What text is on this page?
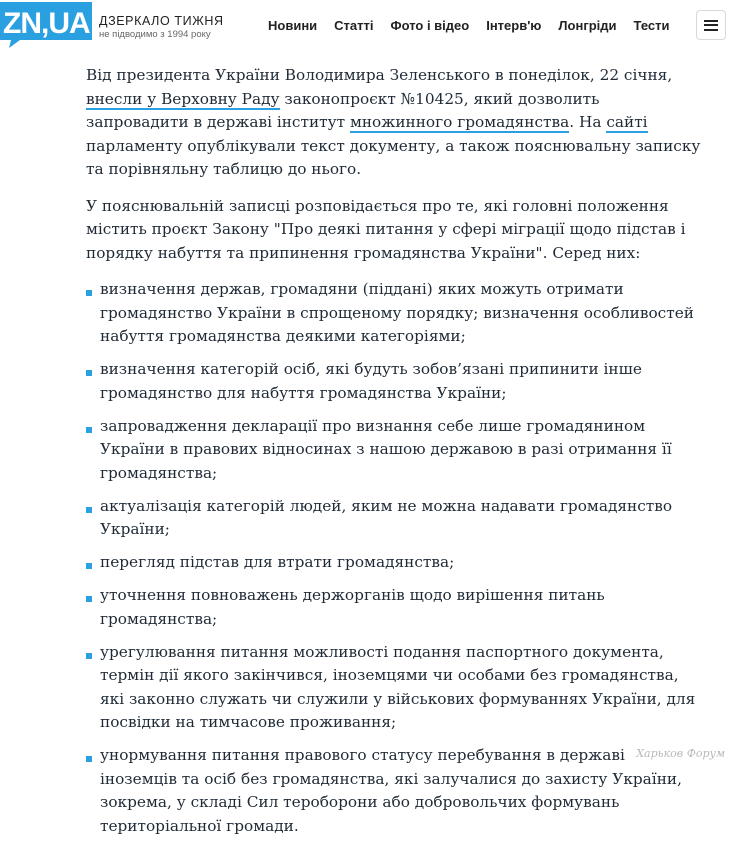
ZN,UA ДЗЕРКАЛО ТИЖНЯ
не підводимо з 1994 року
Новини Статті Фото і відео Інтерв'ю Лонгріди Тести

Від президента України Володимира Зеленського в понеділок, 22 січня, внесли у Верховну Раду законопроєкт №10425, який дозволить запровадити в державі інститут множинного громадянства. На сайті парламенту опублікували текст документу, а також пояснювальну записку та порівняльну таблицю до нього.

У пояснювальній записці розповідається про те, які головні положення містить проєкт Закону "Про деякі питання у сфері міграції щодо підстав і порядку набуття та припинення громадянства України". Серед них:

визначення держав, громадяни (піддані) яких можуть отримати громадянство України в спрощеному порядку; визначення особливостей набуття громадянства деякими категоріями;
визначення категорій осіб, які будуть зобов’язані припинити інше громадянство для набуття громадянства України;
запровадження декларації про визнання себе лише громадянином України в правових відносинах з нашою державою в разі отримання її громадянства;
актуалізація категорій людей, яким не можна надавати громадянство України;
перегляд підстав для втрати громадянства;
уточнення повноважень держорганів щодо вирішення питань громадянства;
урегулювання питання можливості подання паспортного документа, термін дії якого закінчився, іноземцями чи особами без громадянства, які законно служать чи служили у військових формуваннях України, для посвідки на тимчасове проживання;
унормування питання правового статусу перебування в державі іноземців та осіб без громадянства, які залучалися до захисту України, зокрема, у складі Сил тероборони або добровольчих формувань територіальної громади.
Харьков Форум
